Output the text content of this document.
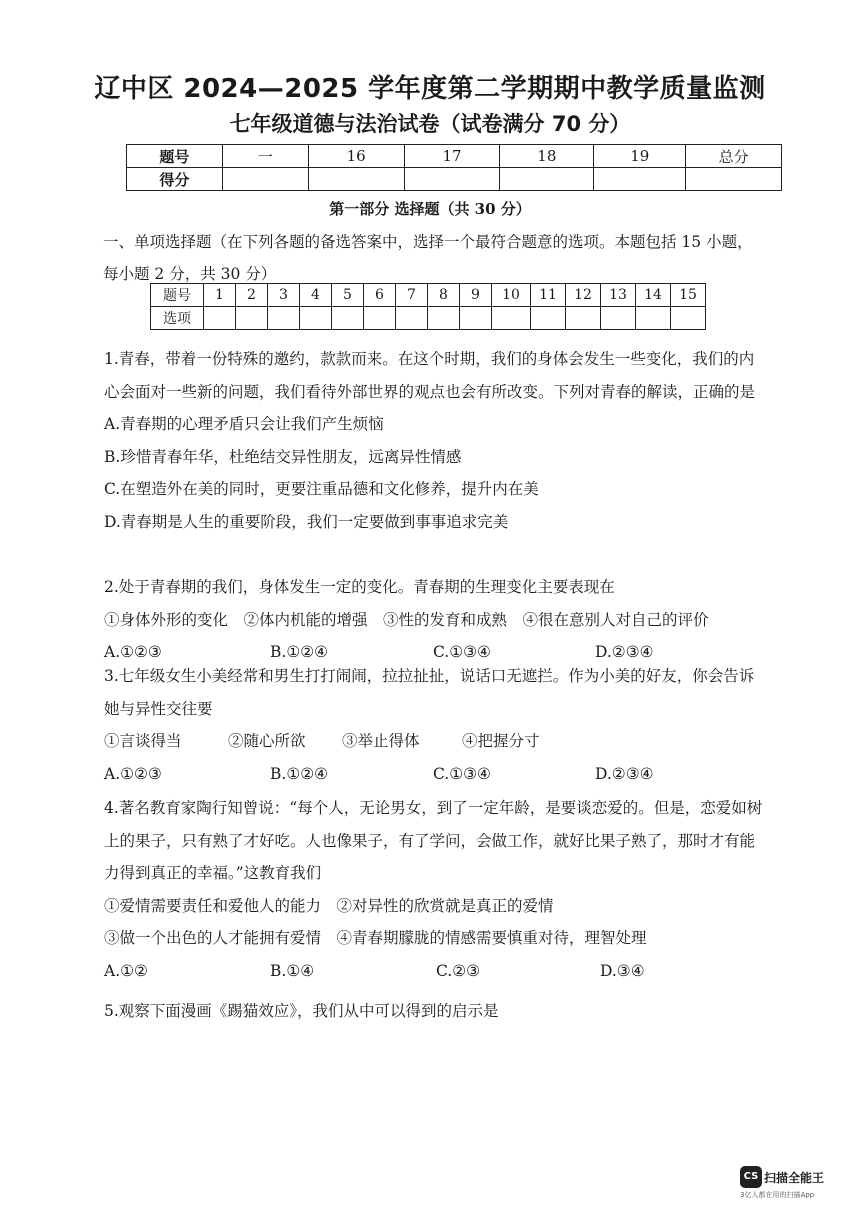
辽中区 2024—2025 学年度第二学期期中教学质量监测
七年级道德与法治试卷（试卷满分 70 分）
题号	一	16	17	18	19	总分
得分						
第一部分 选择题（共 30 分）
一、单项选择题（在下列各题的备选答案中，选择一个最符合题意的选项。本题包括 15 小题，每小题 2 分，共 30 分）
题号	1	2	3	4	5	6	7	8	9	10	11	12	13	14	15
选项															
1.青春，带着一份特殊的邀约，款款而来。在这个时期，我们的身体会发生一些变化，我们的内心会面对一些新的问题，我们看待外部世界的观点也会有所改变。下列对青春的解读，正确的是
A.青春期的心理矛盾只会让我们产生烦恼
B.珍惜青春年华，杜绝结交异性朋友，远离异性情感
C.在塑造外在美的同时，更要注重品德和文化修养，提升内在美
D.青春期是人生的重要阶段，我们一定要做到事事追求完美
2.处于青春期的我们，身体发生一定的变化。青春期的生理变化主要表现在
①身体外形的变化　②体内机能的增强　③性的发育和成熟　④很在意别人对自己的评价
A.①②③	B.①②④	C.①③④	D.②③④
3.七年级女生小美经常和男生打打闹闹，拉拉扯扯，说话口无遮拦。作为小美的好友，你会告诉她与异性交往要
①言谈得当	②随心所欲 ③举止得体	④把握分寸
A.①②③	B.①②④	C.①③④	D.②③④
4.著名教育家陶行知曾说：“每个人，无论男女，到了一定年龄，是要谈恋爱的。但是，恋爱如树上的果子，只有熟了才好吃。人也像果子，有了学问，会做工作，就好比果子熟了，那时才有能力得到真正的幸福。”这教育我们
①爱情需要责任和爱他人的能力　②对异性的欣赏就是真正的爱情
③做一个出色的人才能拥有爱情　④青春期朦胧的情感需要慎重对待，理智处理
A.①②	B.①④	C.②③	D.③④
5.观察下面漫画《踢猫效应》，我们从中可以得到的启示是
CS 扫描全能王
3亿人都在用的扫描App
